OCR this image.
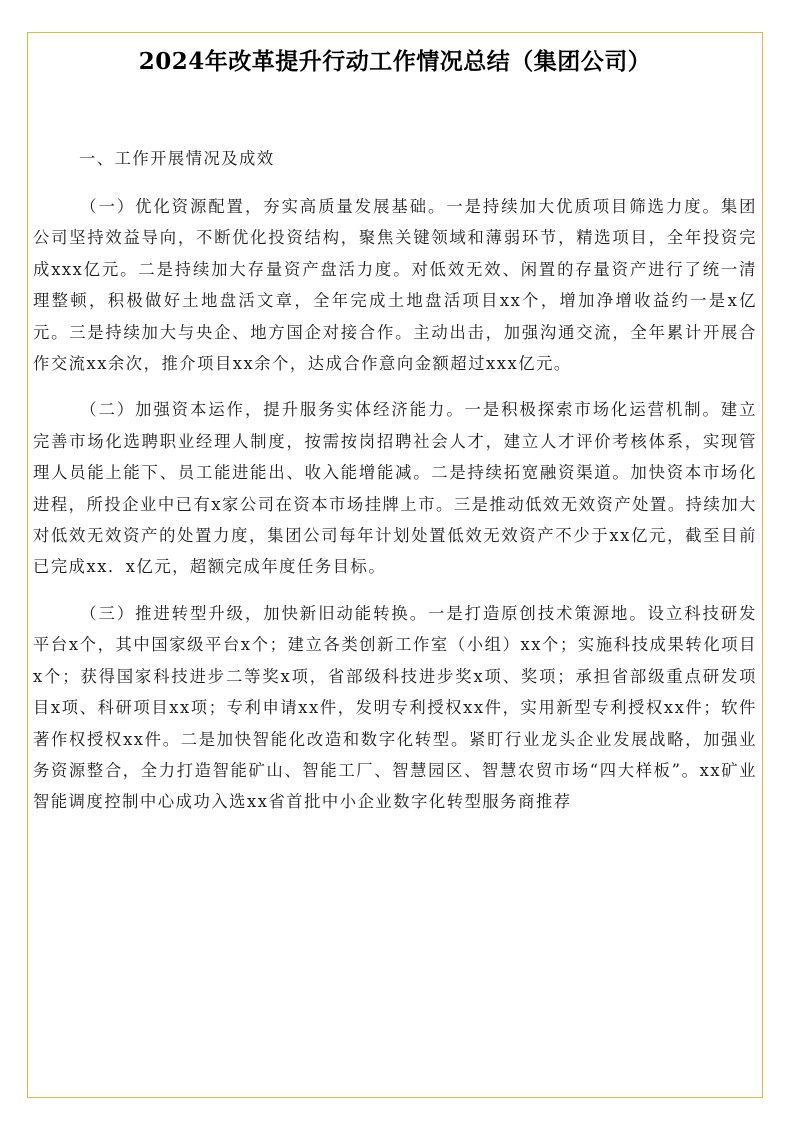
2024年改革提升行动工作情况总结（集团公司）

一、工作开展情况及成效

（一）优化资源配置，夯实高质量发展基础。一是持续加大优质项目筛选力度。集团公司坚持效益导向，不断优化投资结构，聚焦关键领域和薄弱环节，精选项目，全年投资完成xxx亿元。二是持续加大存量资产盘活力度。对低效无效、闲置的存量资产进行了统一清理整顿，积极做好土地盘活文章，全年完成土地盘活项目xx个，增加净增收益约一是x亿元。三是持续加大与央企、地方国企对接合作。主动出击，加强沟通交流，全年累计开展合作交流xx余次，推介项目xx余个，达成合作意向金额超过xxx亿元。

（二）加强资本运作，提升服务实体经济能力。一是积极探索市场化运营机制。建立完善市场化选聘职业经理人制度，按需按岗招聘社会人才，建立人才评价考核体系，实现管理人员能上能下、员工能进能出、收入能增能减。二是持续拓宽融资渠道。加快资本市场化进程，所投企业中已有x家公司在资本市场挂牌上市。三是推动低效无效资产处置。持续加大对低效无效资产的处置力度，集团公司每年计划处置低效无效资产不少于xx亿元，截至目前已完成xx．x亿元，超额完成年度任务目标。

（三）推进转型升级，加快新旧动能转换。一是打造原创技术策源地。设立科技研发平台x个，其中国家级平台x个；建立各类创新工作室（小组）xx个；实施科技成果转化项目x个；获得国家科技进步二等奖x项，省部级科技进步奖x项、奖项；承担省部级重点研发项目x项、科研项目xx项；专利申请xx件，发明专利授权xx件，实用新型专利授权xx件；软件著作权授权xx件。二是加快智能化改造和数字化转型。紧盯行业龙头企业发展战略，加强业务资源整合，全力打造智能矿山、智能工厂、智慧园区、智慧农贸市场“四大样板”。xx矿业智能调度控制中心成功入选xx省首批中小企业数字化转型服务商推荐
